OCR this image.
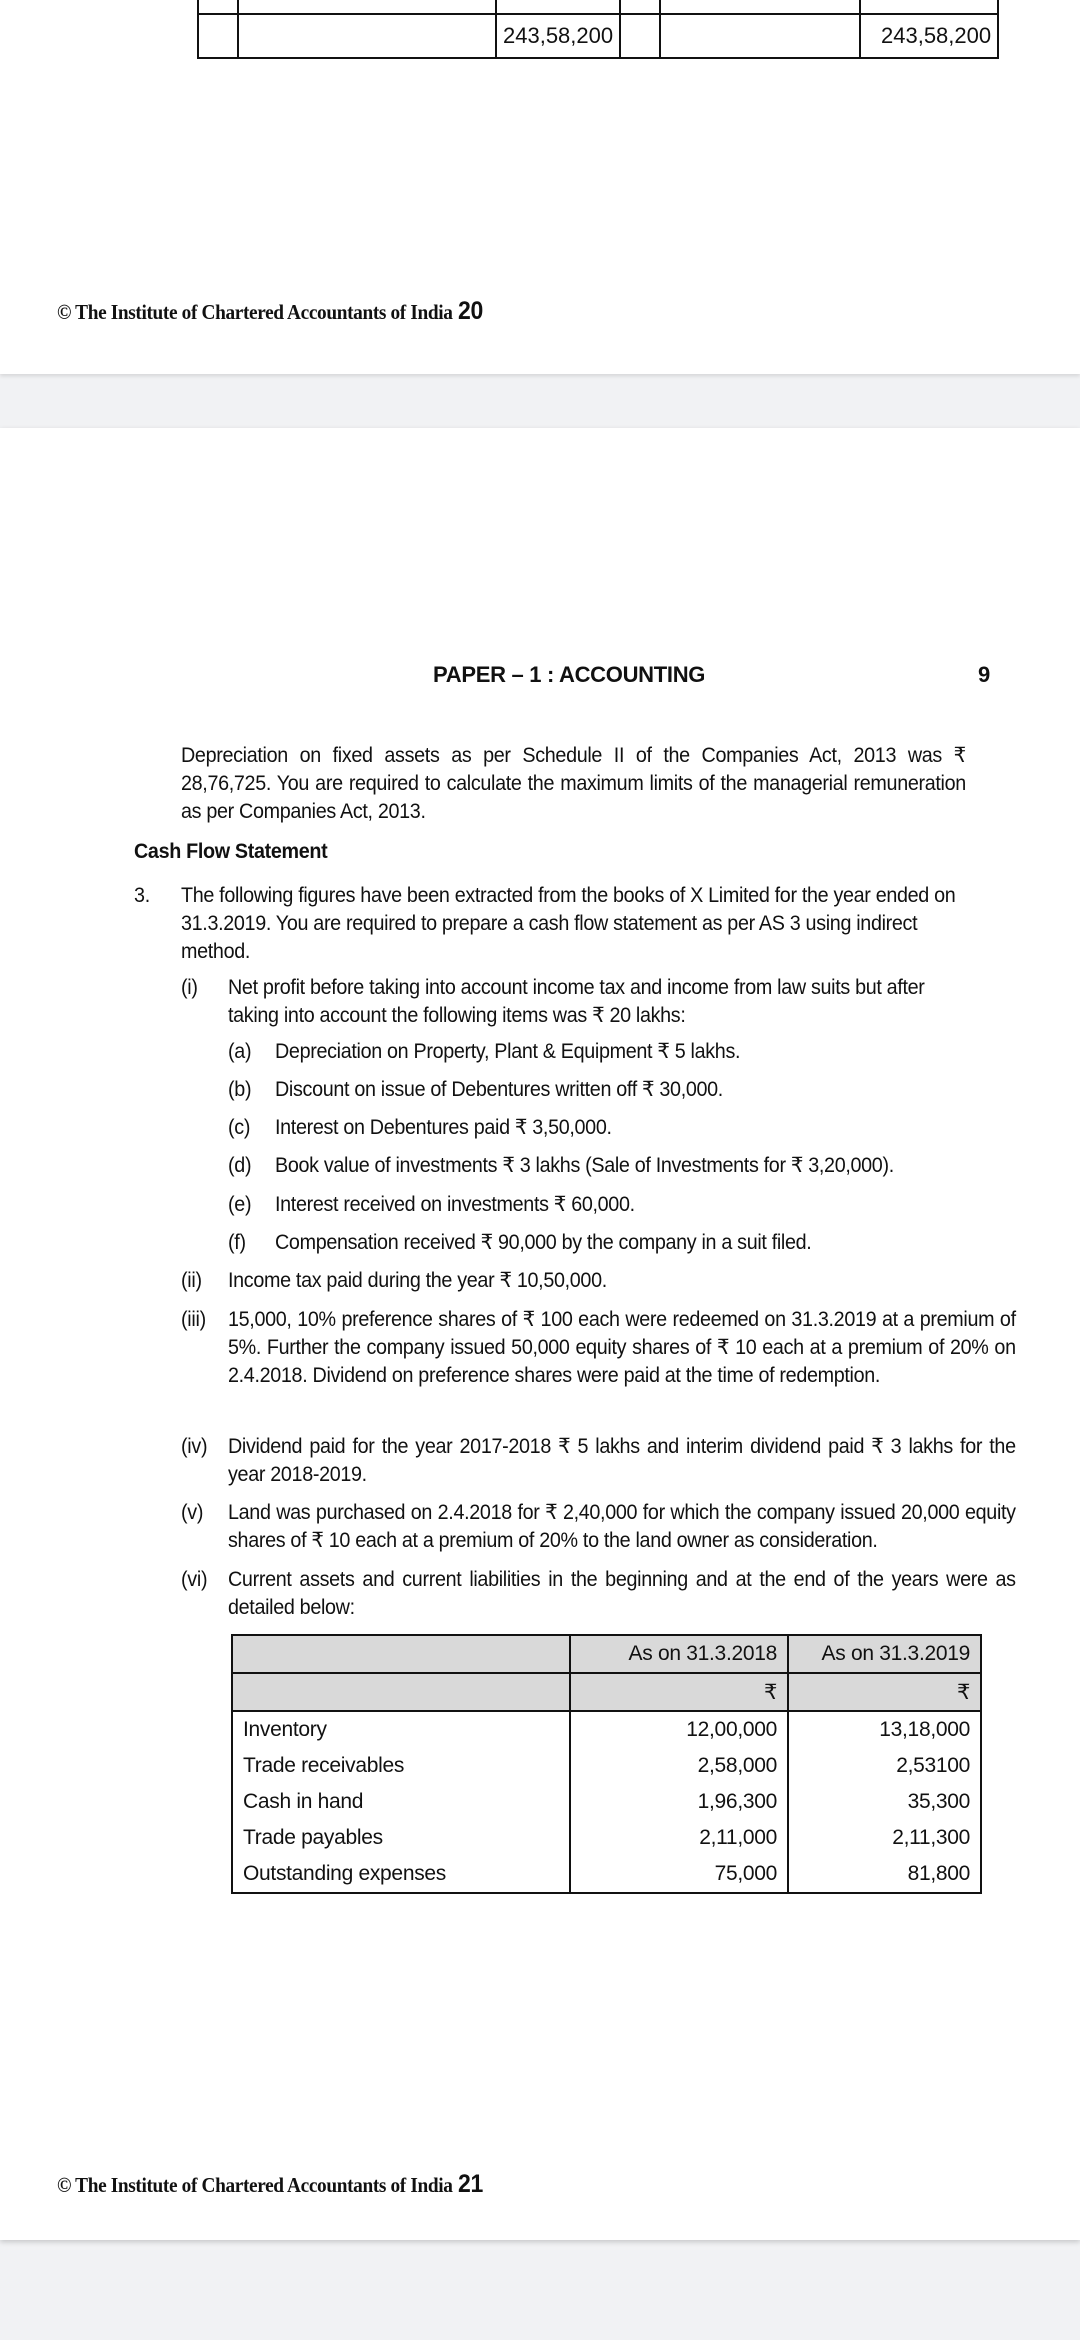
		243,58,200			243,58,200
© The Institute of Chartered Accountants of India 20
PAPER – 1 : ACCOUNTING	9
Depreciation on fixed assets as per Schedule II of the Companies Act, 2013 was ₹ 28,76,725. You are required to calculate the maximum limits of the managerial remuneration as per Companies Act, 2013.
Cash Flow Statement
3. The following figures have been extracted from the books of X Limited for the year ended on 31.3.2019. You are required to prepare a cash flow statement as per AS 3 using indirect method.
(i) Net profit before taking into account income tax and income from law suits but after taking into account the following items was ₹ 20 lakhs:
(a) Depreciation on Property, Plant & Equipment ₹ 5 lakhs.
(b) Discount on issue of Debentures written off ₹ 30,000.
(c) Interest on Debentures paid ₹ 3,50,000.
(d) Book value of investments ₹ 3 lakhs (Sale of Investments for ₹ 3,20,000).
(e) Interest received on investments ₹ 60,000.
(f) Compensation received ₹ 90,000 by the company in a suit filed.
(ii) Income tax paid during the year ₹ 10,50,000.
(iii) 15,000, 10% preference shares of ₹ 100 each were redeemed on 31.3.2019 at a premium of 5%. Further the company issued 50,000 equity shares of ₹ 10 each at a premium of 20% on 2.4.2018. Dividend on preference shares were paid at the time of redemption.
(iv) Dividend paid for the year 2017-2018 ₹ 5 lakhs and interim dividend paid ₹ 3 lakhs for the year 2018-2019.
(v) Land was purchased on 2.4.2018 for ₹ 2,40,000 for which the company issued 20,000 equity shares of ₹ 10 each at a premium of 20% to the land owner as consideration.
(vi) Current assets and current liabilities in the beginning and at the end of the years were as detailed below:
	As on 31.3.2018	As on 31.3.2019
	₹	₹
Inventory	12,00,000	13,18,000
Trade receivables	2,58,000	2,53100
Cash in hand	1,96,300	35,300
Trade payables	2,11,000	2,11,300
Outstanding expenses	75,000	81,800
© The Institute of Chartered Accountants of India 21
